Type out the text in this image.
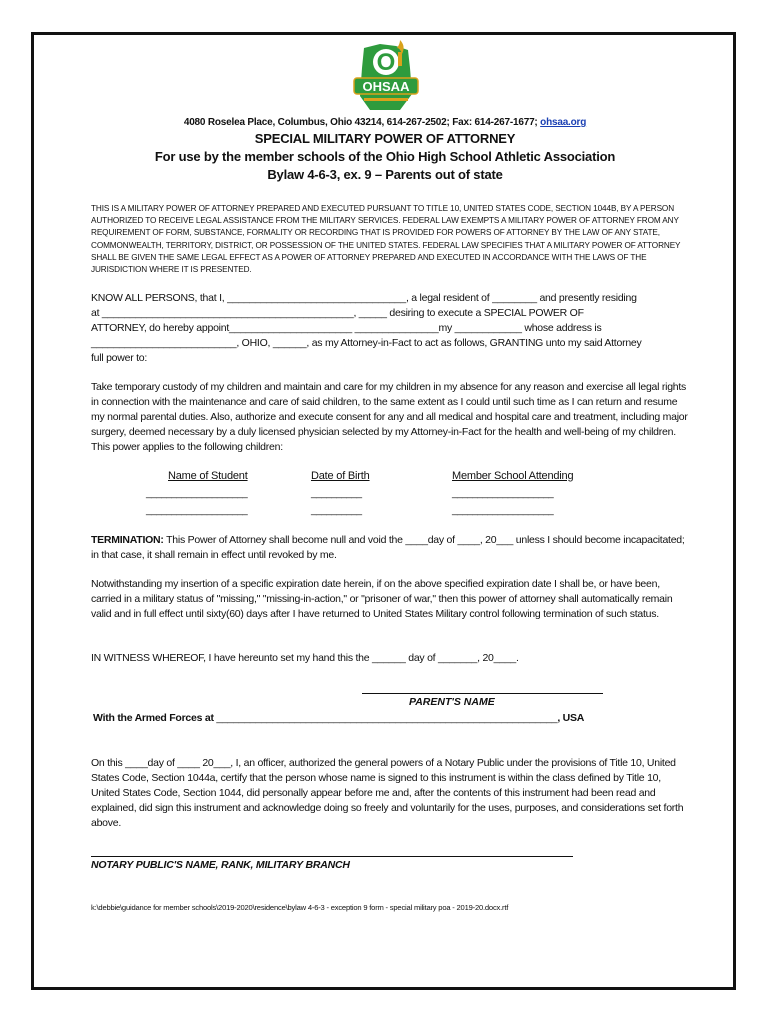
O
OHSAA
4080 Roselea Place, Columbus, Ohio 43214, 614-267-2502; Fax: 614-267-1677; ohsaa.org
SPECIAL MILITARY POWER OF ATTORNEY
For use by the member schools of the Ohio High School Athletic Association
Bylaw 4-6-3, ex. 9 – Parents out of state
THIS IS A MILITARY POWER OF ATTORNEY PREPARED AND EXECUTED PURSUANT TO TITLE 10, UNITED STATES CODE, SECTION 1044B, BY A PERSON AUTHORIZED TO RECEIVE LEGAL ASSISTANCE FROM THE MILITARY SERVICES. FEDERAL LAW EXEMPTS A MILITARY POWER OF ATTORNEY FROM ANY REQUIREMENT OF FORM, SUBSTANCE, FORMALITY OR RECORDING THAT IS PROVIDED FOR POWERS OF ATTORNEY BY THE LAW OF ANY STATE, COMMONWEALTH, TERRITORY, DISTRICT, OR POSSESSION OF THE UNITED STATES. FEDERAL LAW SPECIFIES THAT A MILITARY POWER OF ATTORNEY SHALL BE GIVEN THE SAME LEGAL EFFECT AS A POWER OF ATTORNEY PREPARED AND EXECUTED IN ACCORDANCE WITH THE LAWS OF THE JURISDICTION WHERE IT IS PRESENTED.
KNOW ALL PERSONS, that I, ________________________________, a legal resident of ________ and presently residing
at _____________________________________________, _____ desiring to execute a SPECIAL POWER OF
ATTORNEY, do hereby appoint______________________ _______________my ____________ whose address is
__________________________, OHIO, ______, as my Attorney-in-Fact to act as follows, GRANTING unto my said Attorney
full power to:
Take temporary custody of my children and maintain and care for my children in my absence for any reason and exercise all legal rights in connection with the maintenance and care of said children, to the same extent as I could until such time as I can return and resume my normal parental duties. Also, authorize and execute consent for any and all medical and hospital care and treatment, including major surgery, deemed necessary by a duly licensed physician selected by my Attorney-in-Fact for the health and well-being of my children. This power applies to the following children:
Name of Student	Date of Birth	Member School Attending
____________________	__________	____________________
____________________	__________	____________________
TERMINATION: This Power of Attorney shall become null and void the ____day of ____, 20___ unless I should become incapacitated; in that case, it shall remain in effect until revoked by me.
Notwithstanding my insertion of a specific expiration date herein, if on the above specified expiration date I shall be, or have been, carried in a military status of "missing," "missing-in-action," or "prisoner of war," then this power of attorney shall automatically remain valid and in full effect until sixty(60) days after I have returned to United States Military control following termination of such status.
IN WITNESS WHEREOF, I have hereunto set my hand this the ______ day of _______, 20____.
PARENT'S NAME
With the Armed Forces at _____________________________________________________________, USA
On this ____day of ____ 20___, I, an officer, authorized the general powers of a Notary Public under the provisions of Title 10, United States Code, Section 1044a, certify that the person whose name is signed to this instrument is within the class defined by Title 10, United States Code, Section 1044, did personally appear before me and, after the contents of this instrument had been read and explained, did sign this instrument and acknowledge doing so freely and voluntarily for the uses, purposes, and considerations set forth above.
NOTARY PUBLIC'S NAME, RANK, MILITARY BRANCH
k:\debbie\guidance for member schools\2019-2020\residence\bylaw 4-6-3 - exception 9 form - special military poa - 2019-20.docx.rtf
